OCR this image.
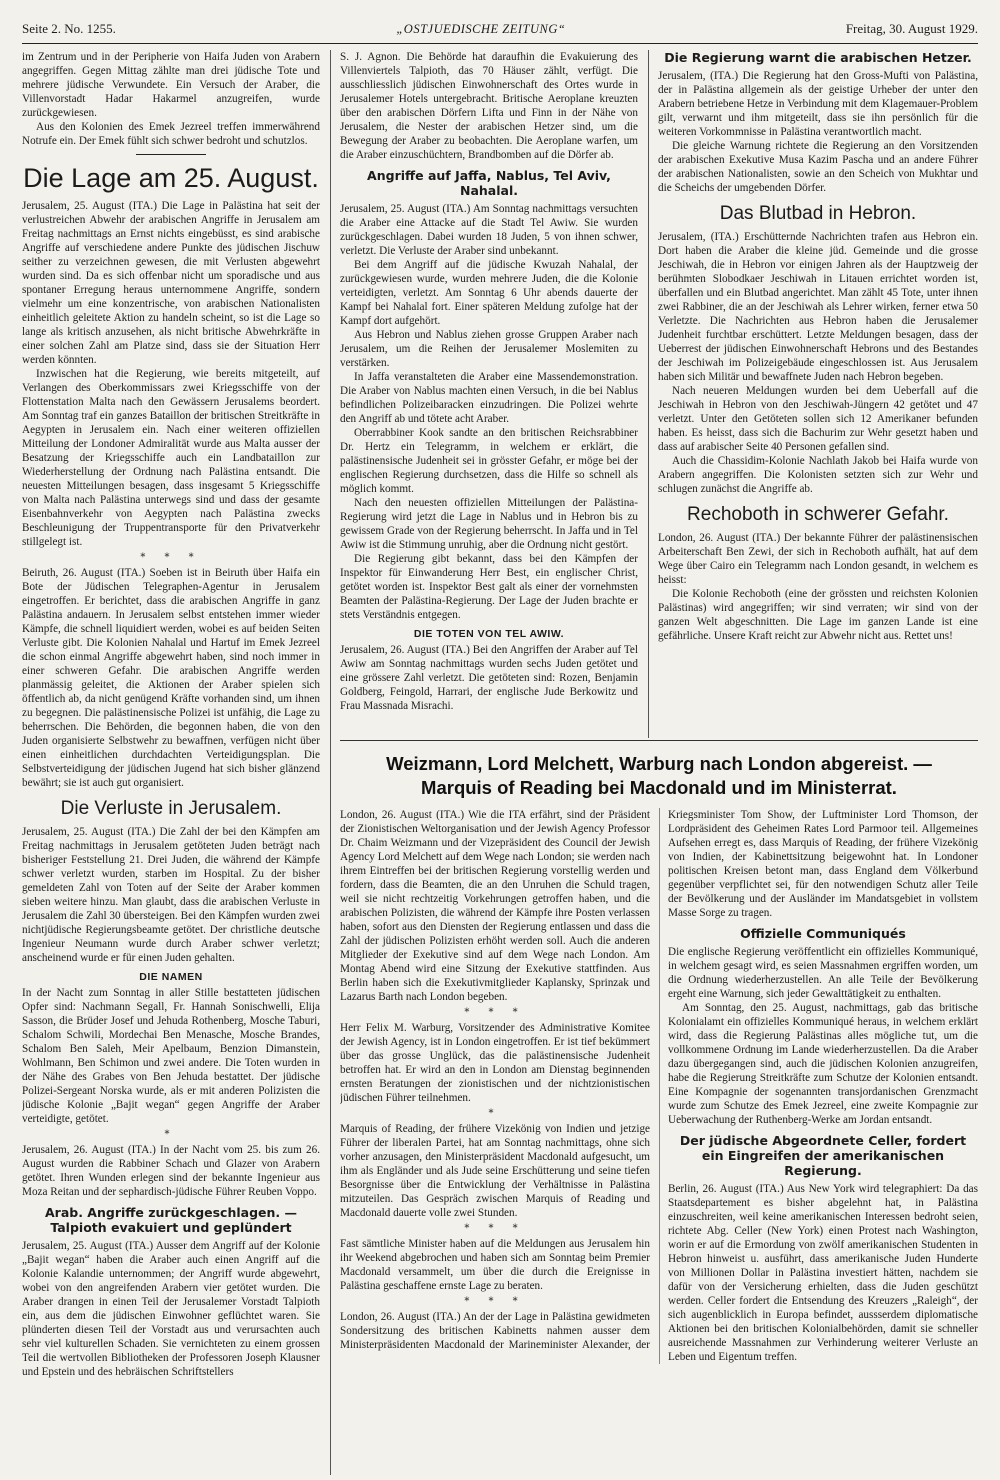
Seite 2. No. 1255.	„OSTJUEDISCHE ZEITUNG“	Freitag, 30. August 1929.

im Zentrum und in der Peripherie von Haifa Juden von Arabern angegriffen. Gegen Mittag zählte man drei jüdische Tote und mehrere jüdische Verwundete. Ein Versuch der Araber, die Villenvorstadt Hadar Hakarmel anzugreifen, wurde zurückgewiesen.

Aus den Kolonien des Emek Jezreel treffen immerwährend Notrufe ein. Der Emek fühlt sich schwer bedroht und schutzlos.

Die Lage am 25. August.

Jerusalem, 25. August (ITA.) Die Lage in Palästina hat seit der verlustreichen Abwehr der arabischen Angriffe in Jerusalem am Freitag nachmittags an Ernst nichts eingebüsst, es sind arabische Angriffe auf verschiedene andere Punkte des jüdischen Jischuw seither zu verzeichnen gewesen, die mit Verlusten abgewehrt wurden sind. Da es sich offenbar nicht um sporadische und aus spontaner Erregung heraus unternommene Angriffe, sondern vielmehr um eine konzentrische, von arabischen Nationalisten einheitlich geleitete Aktion zu handeln scheint, so ist die Lage so lange als kritisch anzusehen, als nicht britische Abwehrkräfte in einer solchen Zahl am Platze sind, dass sie der Situation Herr werden könnten.

Inzwischen hat die Regierung, wie bereits mitgeteilt, auf Verlangen des Oberkommissars zwei Kriegsschiffe von der Flottenstation Malta nach den Gewässern Jerusalems beordert. Am Sonntag traf ein ganzes Bataillon der britischen Streitkräfte in Aegypten in Jerusalem ein. Nach einer weiteren offiziellen Mitteilung der Londoner Admiralität wurde aus Malta ausser der Besatzung der Kriegsschiffe auch ein Landbataillon zur Wiederherstellung der Ordnung nach Palästina entsandt. Die neuesten Mitteilungen besagen, dass insgesamt 5 Kriegsschiffe von Malta nach Palästina unterwegs sind und dass der gesamte Eisenbahnverkehr von Aegypten nach Palästina zwecks Beschleunigung der Truppentransporte für den Privatverkehr stillgelegt ist.

* * *

Beiruth, 26. August (ITA.) Soeben ist in Beiruth über Haifa ein Bote der Jüdischen Telegraphen-Agentur in Jerusalem eingetroffen. Er berichtet, dass die arabischen Angriffe in ganz Palästina andauern. In Jerusalem selbst entstehen immer wieder Kämpfe, die schnell liquidiert werden, wobei es auf beiden Seiten Verluste gibt. Die Kolonien Nahalal und Hartuf im Emek Jezreel die schon einmal Angriffe abgewehrt haben, sind noch immer in einer schweren Gefahr. Die arabischen Angriffe werden planmässig geleitet, die Aktionen der Araber spielen sich öffentlich ab, da nicht genügend Kräfte vorhanden sind, um ihnen zu begegnen. Die palästinensische Polizei ist unfähig, die Lage zu beherrschen. Die Behörden, die begonnen haben, die von den Juden organisierte Selbstwehr zu bewaffnen, verfügen nicht über einen einheitlichen durchdachten Verteidigungsplan. Die Selbstverteidigung der jüdischen Jugend hat sich bisher glänzend bewährt; sie ist auch gut organisiert.

Die Verluste in Jerusalem.

Jerusalem, 25. August (ITA.) Die Zahl der bei den Kämpfen am Freitag nachmittags in Jerusalem getöteten Juden beträgt nach bisheriger Feststellung 21. Drei Juden, die während der Kämpfe schwer verletzt wurden, starben im Hospital. Zu der bisher gemeldeten Zahl von Toten auf der Seite der Araber kommen sieben weitere hinzu. Man glaubt, dass die arabischen Verluste in Jerusalem die Zahl 30 übersteigen. Bei den Kämpfen wurden zwei nichtjüdische Regierungsbeamte getötet. Der christliche deutsche Ingenieur Neumann wurde durch Araber schwer verletzt; anscheinend wurde er für einen Juden gehalten.

DIE NAMEN

In der Nacht zum Sonntag in aller Stille bestatteten jüdischen Opfer sind: Nachmann Segall, Fr. Hannah Sonischwelli, Elija Sasson, die Brüder Josef und Jehuda Rothenberg, Mosche Taburi, Schalom Schwili, Mordechai Ben Menasche, Mosche Brandes, Schalom Ben Saleh, Meir Apelbaum, Benzion Dimanstein, Wohlmann, Ben Schimon und zwei andere. Die Toten wurden in der Nähe des Grabes von Ben Jehuda bestattet. Der jüdische Polizei-Sergeant Norska wurde, als er mit anderen Polizisten die jüdische Kolonie „Bajit wegan“ gegen Angriffe der Araber verteidigte, getötet.

*

Jerusalem, 26. August (ITA.) In der Nacht vom 25. bis zum 26. August wurden die Rabbiner Schach und Glazer von Arabern getötet. Ihren Wunden erlegen sind der bekannte Ingenieur aus Moza Reitan und der sephardisch-jüdische Führer Reuben Voppo.

Arab. Angriffe zurückgeschlagen. — Talpioth evakuiert und geplündert

Jerusalem, 25. August (ITA.) Ausser dem Angriff auf der Kolonie „Bajit wegan“ haben die Araber auch einen Angriff auf die Kolonie Kalandie unternommen; der Angriff wurde abgewehrt, wobei von den angreifenden Arabern vier getötet wurden. Die Araber drangen in einen Teil der Jerusalemer Vorstadt Talpioth ein, aus dem die jüdischen Einwohner geflüchtet waren. Sie plünderten diesen Teil der Vorstadt aus und verursachten auch sehr viel kulturellen Schaden. Sie vernichteten zu einem grossen Teil die wertvollen Bibliotheken der Professoren Joseph Klausner und Epstein und des hebräischen Schriftstellers

S. J. Agnon. Die Behörde hat daraufhin die Evakuierung des Villenviertels Talpioth, das 70 Häuser zählt, verfügt. Die ausschliesslich jüdischen Einwohnerschaft des Ortes wurde in Jerusalemer Hotels untergebracht. Britische Aeroplane kreuzten über den arabischen Dörfern Lifta und Finn in der Nähe von Jerusalem, die Nester der arabischen Hetzer sind, um die Bewegung der Araber zu beobachten. Die Aeroplane warfen, um die Araber einzuschüchtern, Brandbomben auf die Dörfer ab.

Angriffe auf Jaffa, Nablus, Tel Aviv, Nahalal.

Jerusalem, 25. August (ITA.) Am Sonntag nachmittags versuchten die Araber eine Attacke auf die Stadt Tel Awiw. Sie wurden zurückgeschlagen. Dabei wurden 18 Juden, 5 von ihnen schwer, verletzt. Die Verluste der Araber sind unbekannt.

Bei dem Angriff auf die jüdische Kwuzah Nahalal, der zurückgewiesen wurde, wurden mehrere Juden, die die Kolonie verteidigten, verletzt. Am Sonntag 6 Uhr abends dauerte der Kampf bei Nahalal fort. Einer späteren Meldung zufolge hat der Kampf dort aufgehört.

Aus Hebron und Nablus ziehen grosse Gruppen Araber nach Jerusalem, um die Reihen der Jerusalemer Moslemiten zu verstärken.

In Jaffa veranstalteten die Araber eine Massendemonstration. Die Araber von Nablus machten einen Versuch, in die bei Nablus befindlichen Polizeibaracken einzudringen. Die Polizei wehrte den Angriff ab und tötete acht Araber.

Oberrabbiner Kook sandte an den britischen Reichsrabbiner Dr. Hertz ein Telegramm, in welchem er erklärt, die palästinensische Judenheit sei in grösster Gefahr, er möge bei der englischen Regierung durchsetzen, dass die Hilfe so schnell als möglich kommt.

Nach den neuesten offiziellen Mitteilungen der Palästina-Regierung wird jetzt die Lage in Nablus und in Hebron bis zu gewissem Grade von der Regierung beherrscht. In Jaffa und in Tel Awiw ist die Stimmung unruhig, aber die Ordnung nicht gestört.

Die Regierung gibt bekannt, dass bei den Kämpfen der Inspektor für Einwanderung Herr Best, ein englischer Christ, getötet worden ist. Inspektor Best galt als einer der vornehmsten Beamten der Palästina-Regierung. Der Lage der Juden brachte er stets Verständnis entgegen.

DIE TOTEN VON TEL AWIW.

Jerusalem, 26. August (ITA.) Bei den Angriffen der Araber auf Tel Awiw am Sonntag nachmittags wurden sechs Juden getötet und eine grössere Zahl verletzt. Die getöteten sind: Rozen, Benjamin Goldberg, Feingold, Harrari, der englische Jude Berkowitz und Frau Massnada Misrachi.

Die Regierung warnt die arabischen Hetzer.

Jerusalem, (ITA.) Die Regierung hat den Gross-Mufti von Palästina, der in Palästina allgemein als der geistige Urheber der unter den Arabern betriebene Hetze in Verbindung mit dem Klagemauer-Problem gilt, verwarnt und ihm mitgeteilt, dass sie ihn persönlich für die weiteren Vorkommnisse in Palästina verantwortlich macht.

Die gleiche Warnung richtete die Regierung an den Vorsitzenden der arabischen Exekutive Musa Kazim Pascha und an andere Führer der arabischen Nationalisten, sowie an den Scheich von Mukhtar und die Scheichs der umgebenden Dörfer.

Das Blutbad in Hebron.

Jerusalem, (ITA.) Erschütternde Nachrichten trafen aus Hebron ein. Dort haben die Araber die kleine jüd. Gemeinde und die grosse Jeschiwah, die in Hebron vor einigen Jahren als der Hauptzweig der berühmten Slobodkaer Jeschiwah in Litauen errichtet worden ist, überfallen und ein Blutbad angerichtet. Man zählt 45 Tote, unter ihnen zwei Rabbiner, die an der Jeschiwah als Lehrer wirken, ferner etwa 50 Verletzte. Die Nachrichten aus Hebron haben die Jerusalemer Judenheit furchtbar erschüttert. Letzte Meldungen besagen, dass der Ueberrest der jüdischen Einwohnerschaft Hebrons und des Bestandes der Jeschiwah im Polizeigebäude eingeschlossen ist. Aus Jerusalem haben sich Militär und bewaffnete Juden nach Hebron begeben.

Nach neueren Meldungen wurden bei dem Ueberfall auf die Jeschiwah in Hebron von den Jeschiwah-Jüngern 42 getötet und 47 verletzt. Unter den Getöteten sollen sich 12 Amerikaner befunden haben. Es heisst, dass sich die Bachurim zur Wehr gesetzt haben und dass auf arabischer Seite 40 Personen gefallen sind.

Auch die Chassidim-Kolonie Nachlath Jakob bei Haifa wurde von Arabern angegriffen. Die Kolonisten setzten sich zur Wehr und schlugen zunächst die Angriffe ab.

Rechoboth in schwerer Gefahr.

London, 26. August (ITA.) Der bekannte Führer der palästinensischen Arbeiterschaft Ben Zewi, der sich in Rechoboth aufhält, hat auf dem Wege über Cairo ein Telegramm nach London gesandt, in welchem es heisst:

Die Kolonie Rechoboth (eine der grössten und reichsten Kolonien Palästinas) wird angegriffen; wir sind verraten; wir sind von der ganzen Welt abgeschnitten. Die Lage im ganzen Lande ist eine gefährliche. Unsere Kraft reicht zur Abwehr nicht aus. Rettet uns!

Weizmann, Lord Melchett, Warburg nach London abgereist. —
Marquis of Reading bei Macdonald und im Ministerrat.

London, 26. August (ITA.) Wie die ITA erfährt, sind der Präsident der Zionistischen Weltorganisation und der Jewish Agency Professor Dr. Chaim Weizmann und der Vizepräsident des Council der Jewish Agency Lord Melchett auf dem Wege nach London; sie werden nach ihrem Eintreffen bei der britischen Regierung vorstellig werden und fordern, dass die Beamten, die an den Unruhen die Schuld tragen, weil sie nicht rechtzeitig Vorkehrungen getroffen haben, und die arabischen Polizisten, die während der Kämpfe ihre Posten verlassen haben, sofort aus den Diensten der Regierung entlassen und dass die Zahl der jüdischen Polizisten erhöht werden soll. Auch die anderen Mitglieder der Exekutive sind auf dem Wege nach London. Am Montag Abend wird eine Sitzung der Exekutive stattfinden. Aus Berlin haben sich die Exekutivmitglieder Kaplansky, Sprinzak und Lazarus Barth nach London begeben.

* * *

Herr Felix M. Warburg, Vorsitzender des Administrative Komitee der Jewish Agency, ist in London eingetroffen. Er ist tief bekümmert über das grosse Unglück, das die palästinensische Judenheit betroffen hat. Er wird an den in London am Dienstag beginnenden ernsten Beratungen der zionistischen und der nichtzionistischen jüdischen Führer teilnehmen.

*

Marquis of Reading, der frühere Vizekönig von Indien und jetzige Führer der liberalen Partei, hat am Sonntag nachmittags, ohne sich vorher anzusagen, den Ministerpräsident Macdonald aufgesucht, um ihm als Engländer und als Jude seine Erschütterung und seine tiefen Besorgnisse über die Entwicklung der Verhältnisse in Palästina mitzuteilen. Das Gespräch zwischen Marquis of Reading und Macdonald dauerte volle zwei Stunden.

* * *

Fast sämtliche Minister haben auf die Meldungen aus Jerusalem hin ihr Weekend abgebrochen und haben sich am Sonntag beim Premier Macdonald versammelt, um über die durch die Ereignisse in Palästina geschaffene ernste Lage zu beraten.

* * *

London, 26. August (ITA.) An der der Lage in Palästina gewidmeten Sondersitzung des britischen Kabinetts nahmen ausser dem Ministerpräsidenten Macdonald der Marineminister Alexander, der Kriegsminister Tom Show, der Luftminister Lord Thomson, der Lordpräsident des Geheimen Rates Lord Parmoor teil. Allgemeines Aufsehen erregt es, dass Marquis of Reading, der frühere Vizekönig von Indien, der Kabinettsitzung beigewohnt hat. In Londoner politischen Kreisen betont man, dass England dem Völkerbund gegenüber verpflichtet sei, für den notwendigen Schutz aller Teile der Bevölkerung und der Ausländer im Mandatsgebiet in vollstem Masse Sorge zu tragen.

Offizielle Communiqués

Die englische Regierung veröffentlicht ein offizielles Kommuniqué, in welchem gesagt wird, es seien Massnahmen ergriffen worden, um die Ordnung wiederherzustellen. An alle Teile der Bevölkerung ergeht eine Warnung, sich jeder Gewalttätigkeit zu enthalten.

Am Sonntag, den 25. August, nachmittags, gab das britische Kolonialamt ein offizielles Kommuniqué heraus, in welchem erklärt wird, dass die Regierung Palästinas alles mögliche tut, um die vollkommene Ordnung im Lande wiederherzustellen. Da die Araber dazu übergegangen sind, auch die jüdischen Kolonien anzugreifen, habe die Regierung Streitkräfte zum Schutze der Kolonien entsandt. Eine Kompagnie der sogenannten transjordanischen Grenzmacht wurde zum Schutze des Emek Jezreel, eine zweite Kompagnie zur Ueberwachung der Ruthenberg-Werke am Jordan entsandt.

Der jüdische Abgeordnete Celler, fordert ein Eingreifen der amerikanischen Regierung.

Berlin, 26. August (ITA.) Aus New York wird telegraphiert: Da das Staatsdepartement es bisher abgelehnt hat, in Palästina einzuschreiten, weil keine amerikanischen Interessen bedroht seien, richtete Abg. Celler (New York) einen Protest nach Washington, worin er auf die Ermordung von zwölf amerikanischen Studenten in Hebron hinweist u. ausführt, dass amerikanische Juden Hunderte von Millionen Dollar in Palästina investiert hätten, nachdem sie dafür von der Versicherung erhielten, dass die Juden geschützt werden. Celler fordert die Entsendung des Kreuzers „Raleigh“, der sich augenblicklich in Europa befindet, aussserdem diplomatische Aktionen bei den britischen Kolonialbehörden, damit sie schneller ausreichende Massnahmen zur Verhinderung weiterer Verluste an Leben und Eigentum treffen.
